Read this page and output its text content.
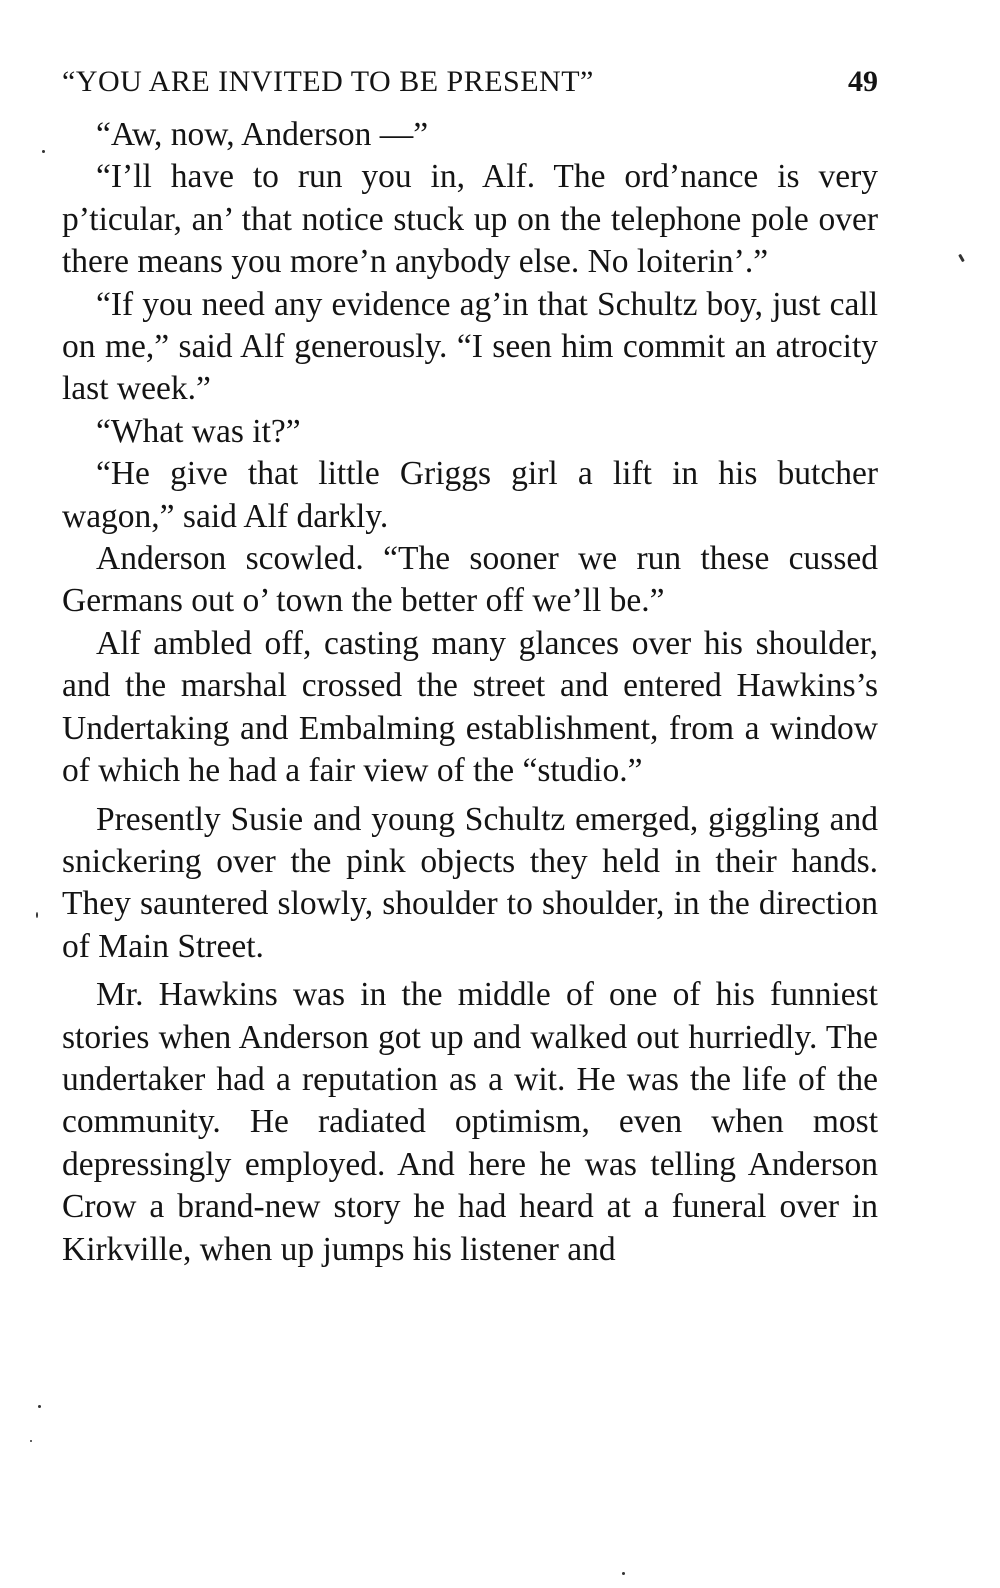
“YOU ARE INVITED TO BE PRESENT”	49

“Aw, now, Anderson —”

“I’ll have to run you in, Alf. The ord’nance is very p’ticular, an’ that notice stuck up on the telephone pole over there means you more’n anybody else. No loiterin’.”

“If you need any evidence ag’in that Schultz boy, just call on me,” said Alf generously. “I seen him commit an atrocity last week.”

“What was it?”

“He give that little Griggs girl a lift in his butcher wagon,” said Alf darkly.

Anderson scowled. “The sooner we run these cussed Germans out o’ town the better off we’ll be.”

Alf ambled off, casting many glances over his shoulder, and the marshal crossed the street and entered Hawkins’s Undertaking and Embalming establishment, from a window of which he had a fair view of the “studio.”

Presently Susie and young Schultz emerged, giggling and snickering over the pink objects they held in their hands. They sauntered slowly, shoulder to shoulder, in the direction of Main Street.

Mr. Hawkins was in the middle of one of his funniest stories when Anderson got up and walked out hurriedly. The undertaker had a reputation as a wit. He was the life of the community. He radiated optimism, even when most depressingly employed. And here he was telling Anderson Crow a brand-new story he had heard at a funeral over in Kirkville, when up jumps his listener and
